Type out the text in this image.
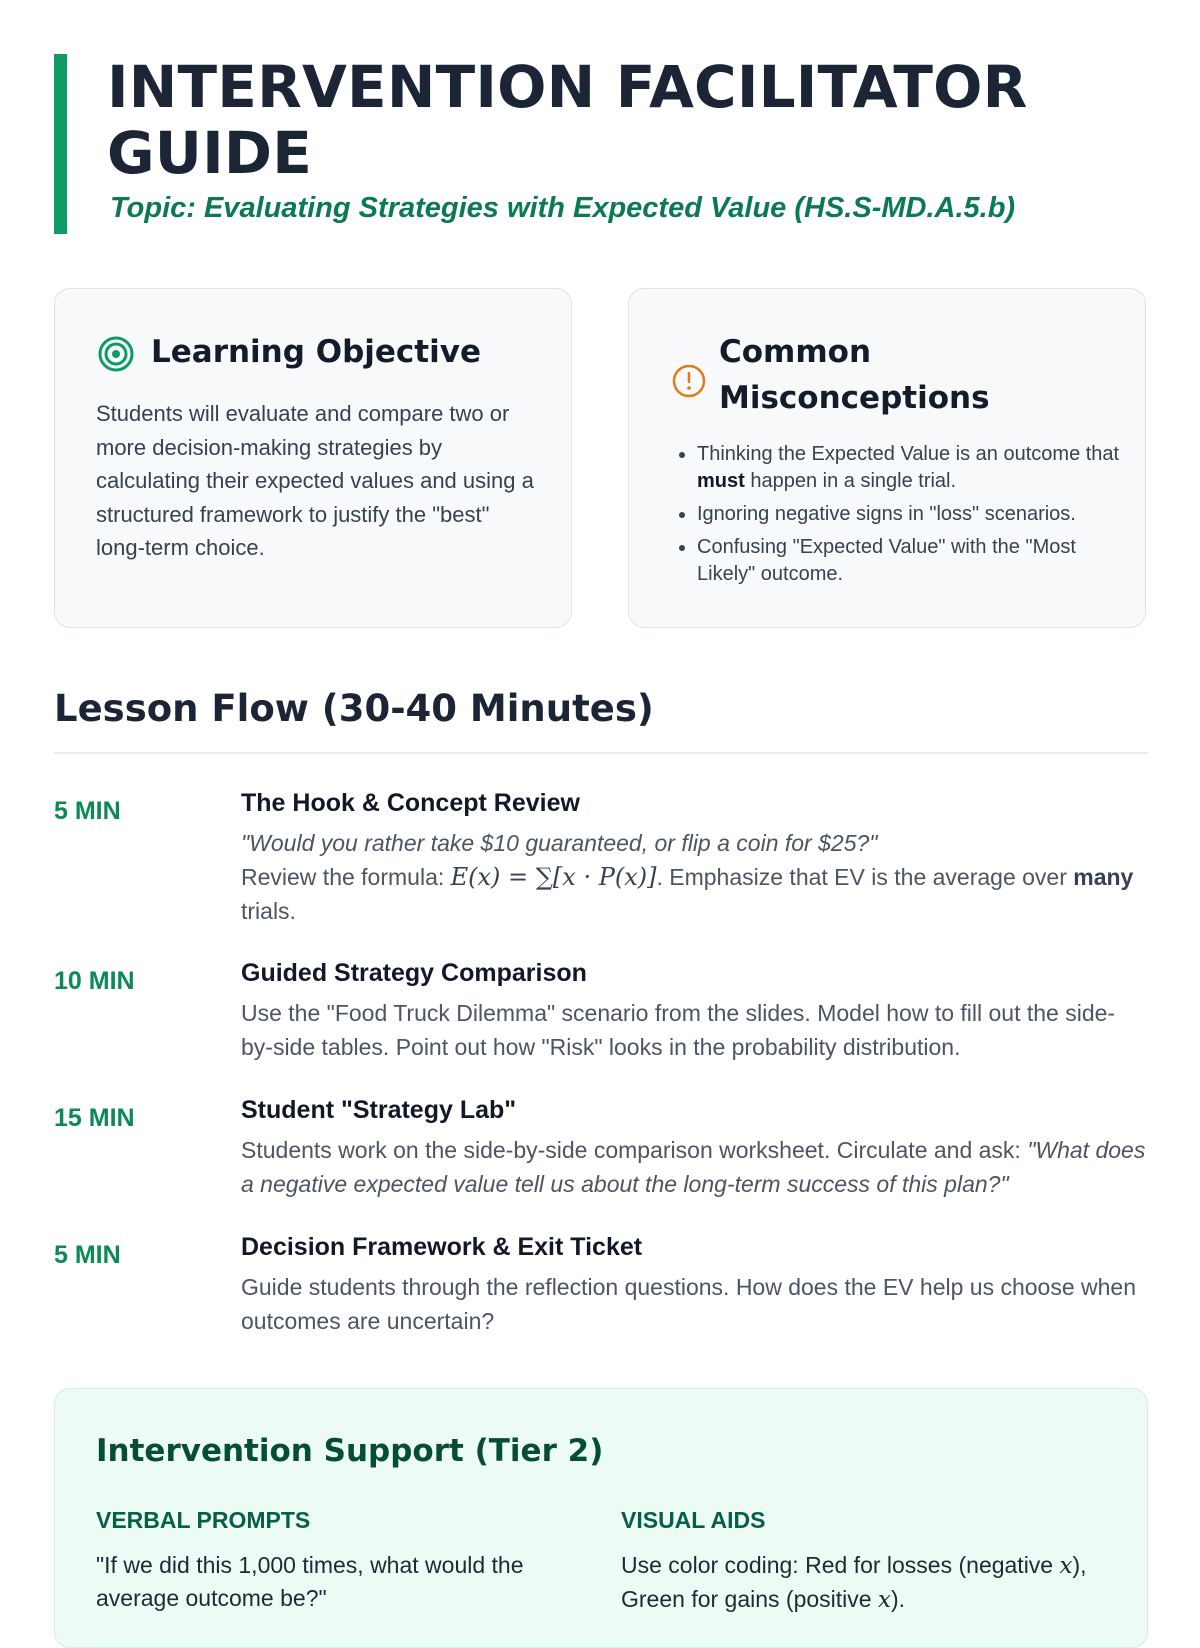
INTERVENTION FACILITATOR GUIDE

Topic: Evaluating Strategies with Expected Value (HS.S-MD.A.5.b)

Learning Objective

Students will evaluate and compare two or more decision-making strategies by calculating their expected values and using a structured framework to justify the "best" long-term choice.

Common Misconceptions
• Thinking the Expected Value is an outcome that must happen in a single trial.
• Ignoring negative signs in "loss" scenarios.
• Confusing "Expected Value" with the "Most Likely" outcome.
Lesson Flow (30-40 Minutes)
5 MIN	The Hook & Concept Review

"Would you rather take $10 guaranteed, or flip a coin for $25?"
Review the formula: E(x) = ∑[x · P(x)]. Emphasize that EV is the average over many trials.

10 MIN	Guided Strategy Comparison

Use the "Food Truck Dilemma" scenario from the slides. Model how to fill out the side-by-side tables. Point out how "Risk" looks in the probability distribution.

15 MIN	Student "Strategy Lab"

Students work on the side-by-side comparison worksheet. Circulate and ask: "What does a negative expected value tell us about the long-term success of this plan?"

5 MIN	Decision Framework & Exit Ticket

Guide students through the reflection questions. How does the EV help us choose when outcomes are uncertain?

Intervention Support (Tier 2)
VERBAL PROMPTS

"If we did this 1,000 times, what would the average outcome be?"

VISUAL AIDS

Use color coding: Red for losses (negative x), Green for gains (positive x).
